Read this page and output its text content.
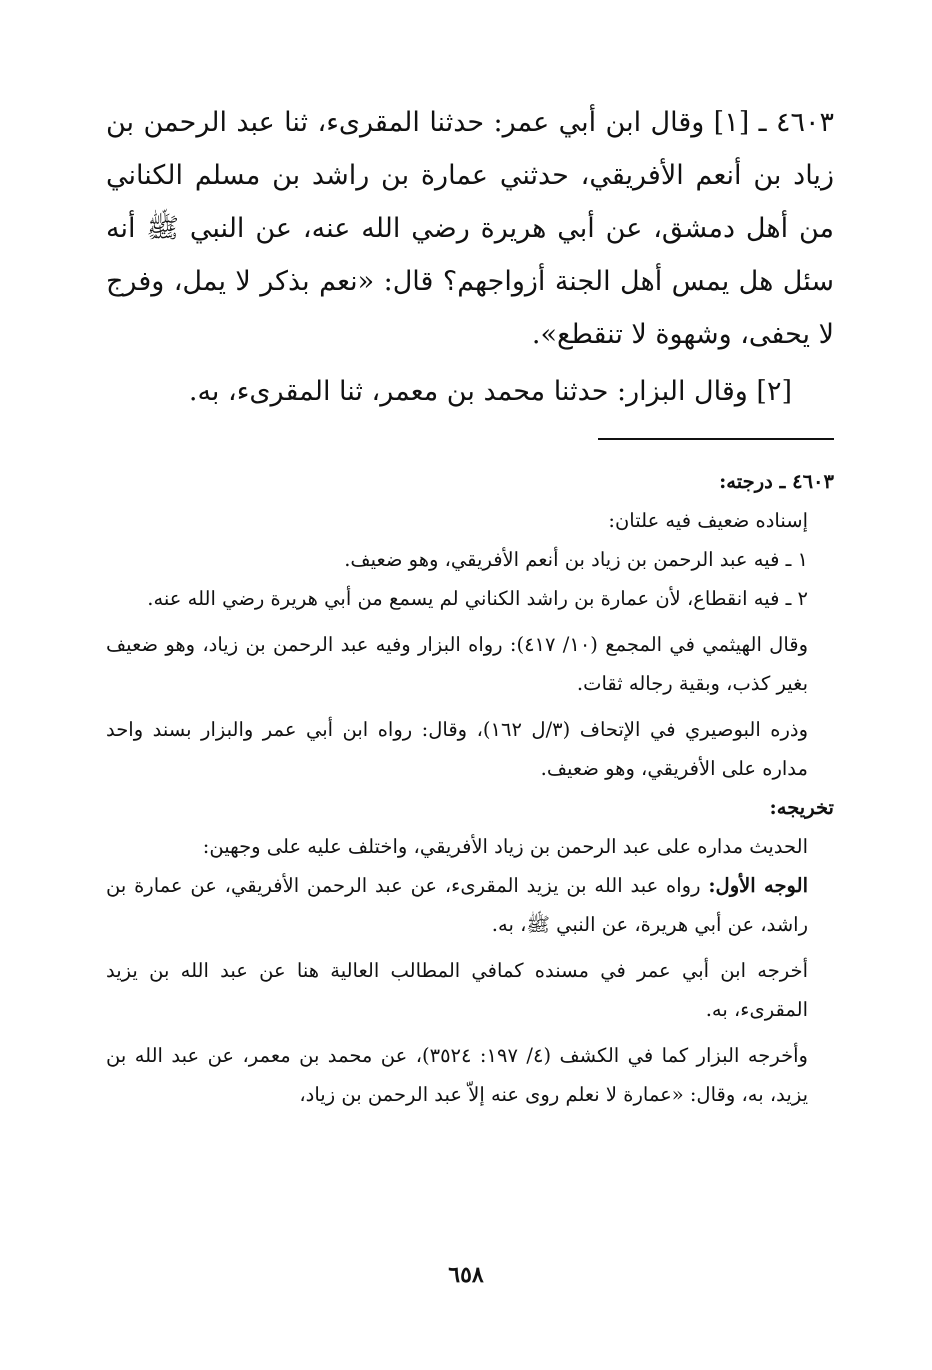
٤٦٠٣ ـ [١] وقال ابن أبي عمر: حدثنا المقرىء، ثنا عبد الرحمن بن زياد بن أنعم الأفريقي، حدثني عمارة بن راشد بن مسلم الكناني من أهل دمشق، عن أبي هريرة رضي الله عنه، عن النبي ﷺ أنه سئل هل يمس أهل الجنة أزواجهم؟ قال: «نعم بذكر لا يمل، وفرج لا يحفى، وشهوة لا تنقطع».

[٢] وقال البزار: حدثنا محمد بن معمر، ثنا المقرىء، به.

٤٦٠٣ ـ درجته:

إسناده ضعيف فيه علتان:

١ ـ فيه عبد الرحمن بن زياد بن أنعم الأفريقي، وهو ضعيف.

٢ ـ فيه انقطاع، لأن عمارة بن راشد الكناني لم يسمع من أبي هريرة رضي الله عنه.

وقال الهيثمي في المجمع (١٠/ ٤١٧): رواه البزار وفيه عبد الرحمن بن زياد، وهو ضعيف بغير كذب، وبقية رجاله ثقات.

وذره البوصيري في الإتحاف (٣/ل ١٦٢)، وقال: رواه ابن أبي عمر والبزار بسند واحد مداره على الأفريقي، وهو ضعيف.

تخريجه:

الحديث مداره على عبد الرحمن بن زياد الأفريقي، واختلف عليه على وجهين:

الوجه الأول: رواه عبد الله بن يزيد المقرىء، عن عبد الرحمن الأفريقي، عن عمارة بن راشد، عن أبي هريرة، عن النبي ﷺ، به.

أخرجه ابن أبي عمر في مسنده كمافي المطالب العالية هنا عن عبد الله بن يزيد المقرىء، به.

وأخرجه البزار كما في الكشف (٤/ ١٩٧: ٣٥٢٤)، عن محمد بن معمر، عن عبد الله بن يزيد، به، وقال: «عمارة لا نعلم روى عنه إلاّ عبد الرحمن بن زياد،

٦٥٨
